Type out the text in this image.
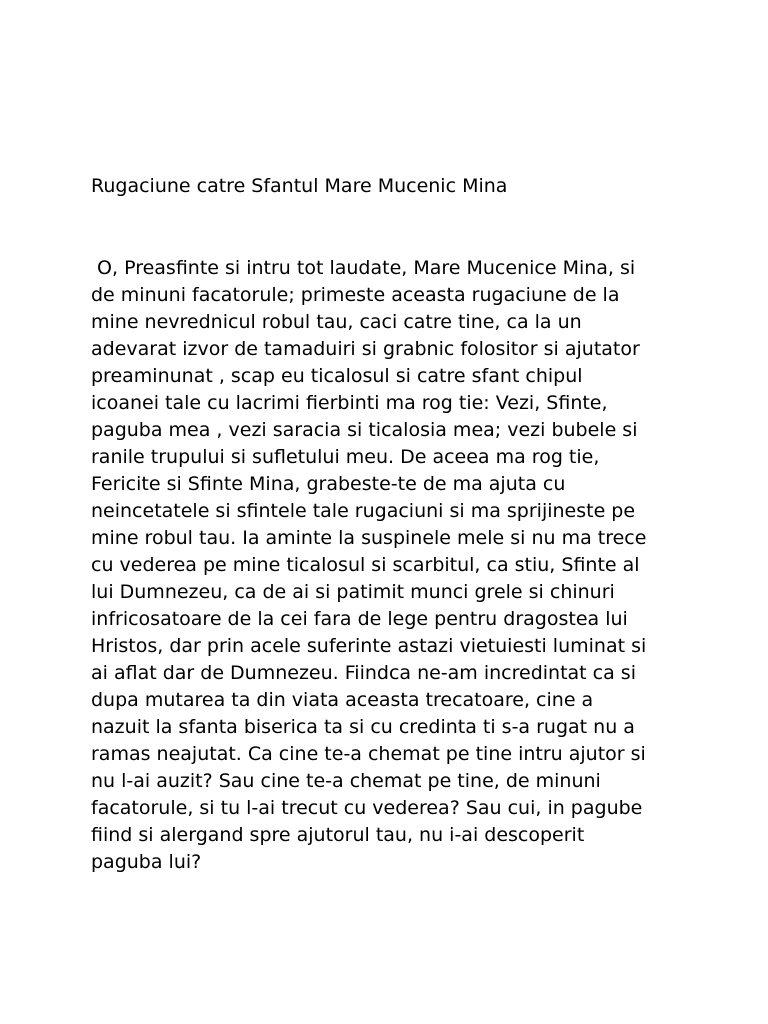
Rugaciune catre Sfantul Mare Mucenic Mina
O, Preasfinte si intru tot laudate, Mare Mucenice Mina, si
de minuni facatorule; primeste aceasta rugaciune de la
mine nevrednicul robul tau, caci catre tine, ca la un
adevarat izvor de tamaduiri si grabnic folositor si ajutator
preaminunat , scap eu ticalosul si catre sfant chipul
icoanei tale cu lacrimi fierbinti ma rog tie: Vezi, Sfinte,
paguba mea , vezi saracia si ticalosia mea; vezi bubele si
ranile trupului si sufletului meu. De aceea ma rog tie,
Fericite si Sfinte Mina, grabeste-te de ma ajuta cu
neincetatele si sfintele tale rugaciuni si ma sprijineste pe
mine robul tau. Ia aminte la suspinele mele si nu ma trece
cu vederea pe mine ticalosul si scarbitul, ca stiu, Sfinte al
lui Dumnezeu, ca de ai si patimit munci grele si chinuri
infricosatoare de la cei fara de lege pentru dragostea lui
Hristos, dar prin acele suferinte astazi vietuiesti luminat si
ai aflat dar de Dumnezeu. Fiindca ne-am incredintat ca si
dupa mutarea ta din viata aceasta trecatoare, cine a
nazuit la sfanta biserica ta si cu credinta ti s-a rugat nu a
ramas neajutat. Ca cine te-a chemat pe tine intru ajutor si
nu l-ai auzit? Sau cine te-a chemat pe tine, de minuni
facatorule, si tu l-ai trecut cu vederea? Sau cui, in pagube
fiind si alergand spre ajutorul tau, nu i-ai descoperit
paguba lui?
